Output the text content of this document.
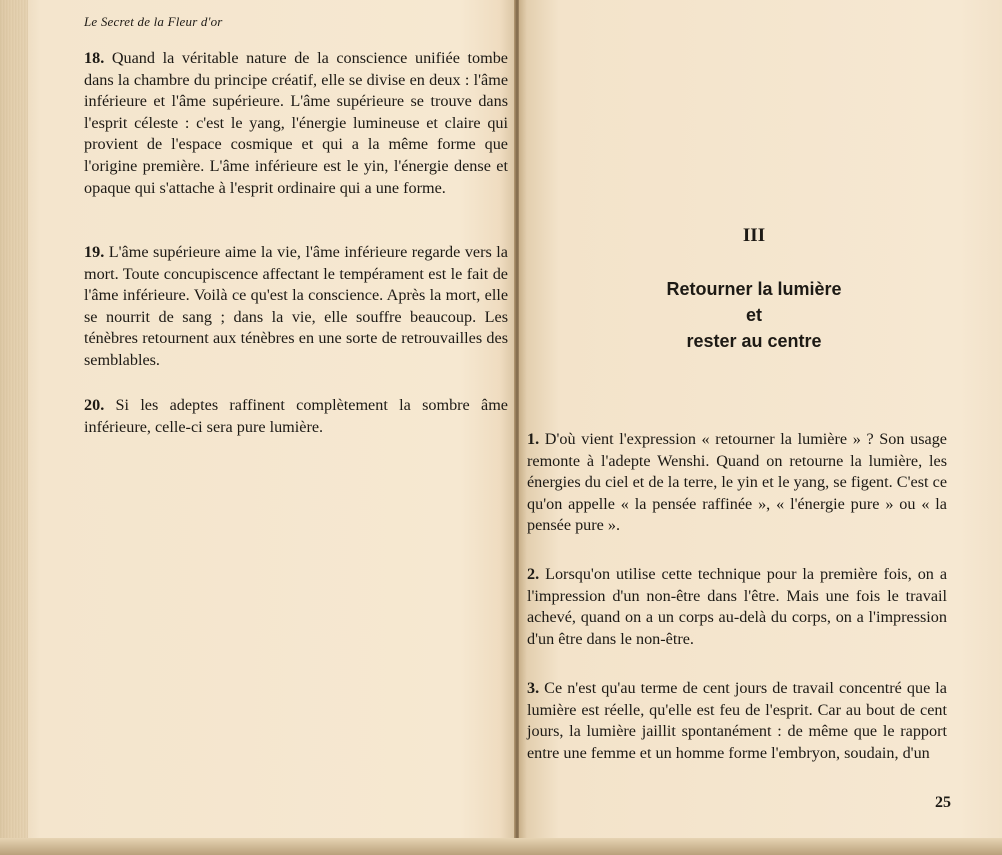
Le Secret de la Fleur d'or

18. Quand la véritable nature de la conscience unifiée tombe dans la chambre du principe créatif, elle se divise en deux : l'âme inférieure et l'âme supérieure. L'âme supérieure se trouve dans l'esprit céleste : c'est le yang, l'énergie lumineuse et claire qui provient de l'espace cosmique et qui a la même forme que l'origine première. L'âme inférieure est le yin, l'énergie dense et opaque qui s'attache à l'esprit ordinaire qui a une forme.

19. L'âme supérieure aime la vie, l'âme inférieure regarde vers la mort. Toute concupiscence affectant le tempérament est le fait de l'âme inférieure. Voilà ce qu'est la conscience. Après la mort, elle se nourrit de sang ; dans la vie, elle souffre beaucoup. Les ténèbres retournent aux ténèbres en une sorte de retrouvailles des semblables.

20. Si les adeptes raffinent complètement la sombre âme inférieure, celle-ci sera pure lumière.

III
Retourner la lumière
et
rester au centre

1. D'où vient l'expression « retourner la lumière » ? Son usage remonte à l'adepte Wenshi. Quand on retourne la lumière, les énergies du ciel et de la terre, le yin et le yang, se figent. C'est ce qu'on appelle « la pensée raffinée », « l'énergie pure » ou « la pensée pure ».

2. Lorsqu'on utilise cette technique pour la première fois, on a l'impression d'un non-être dans l'être. Mais une fois le travail achevé, quand on a un corps au-delà du corps, on a l'impression d'un être dans le non-être.

3. Ce n'est qu'au terme de cent jours de travail concentré que la lumière est réelle, qu'elle est feu de l'esprit. Car au bout de cent jours, la lumière jaillit spontanément : de même que le rapport entre une femme et un homme forme l'embryon, soudain, d'un

25
